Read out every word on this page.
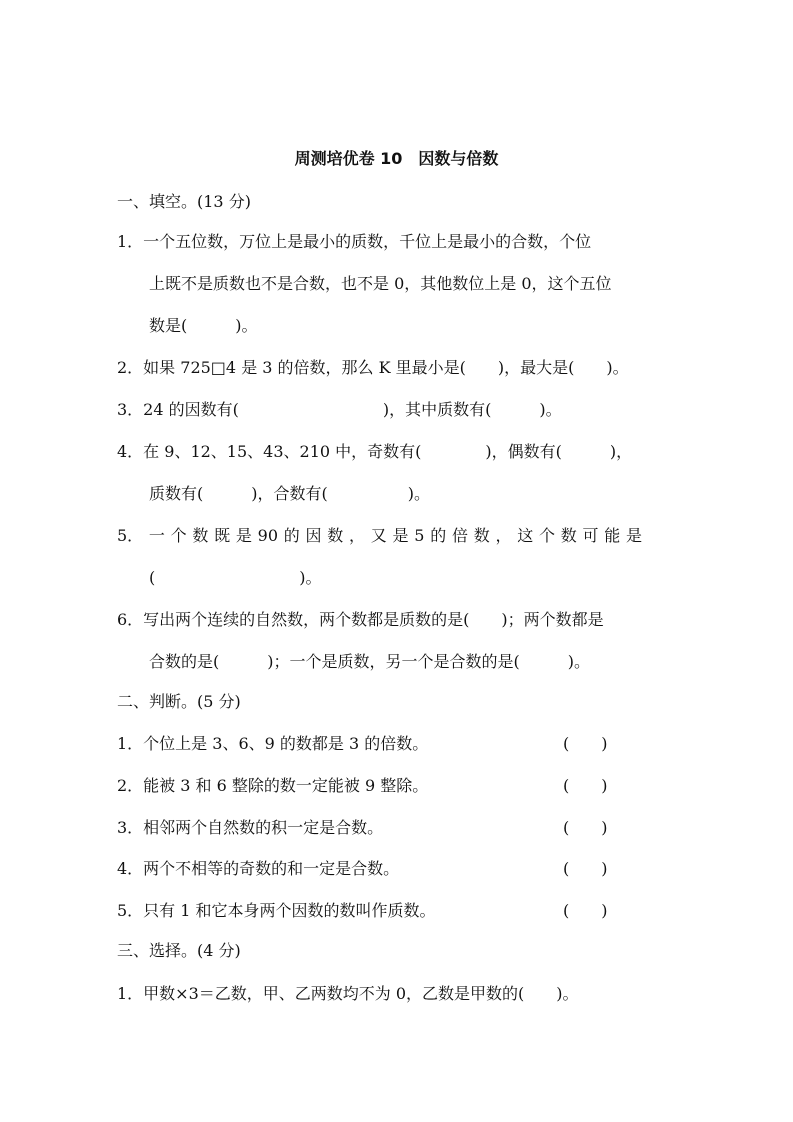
周测培优卷 10　因数与倍数
一、填空。(13 分)
1．一个五位数，万位上是最小的质数，千位上是最小的合数，个位
上既不是质数也不是合数，也不是 0，其他数位上是 0，这个五位
数是(　　　)。
2．如果 725□4 是 3 的倍数，那么 K 里最小是(　　)，最大是(　　)。
3．24 的因数有(　　　　　　　　　)，其中质数有(　　　)。
4．在 9、12、15、43、210 中，奇数有(　　　　)，偶数有(　　　)，
质数有(　　　)，合数有(　　　　　)。
5． 一 个 数 既 是 90 的 因 数 ， 又 是 5 的 倍 数 ， 这 个 数 可 能 是
(　　　　　　　　　)。
6．写出两个连续的自然数，两个数都是质数的是(　　)；两个数都是
合数的是(　　　)；一个是质数，另一个是合数的是(　　　)。
二、判断。(5 分)
1．个位上是 3、6、9 的数都是 3 的倍数。	(　　)
2．能被 3 和 6 整除的数一定能被 9 整除。	(　　)
3．相邻两个自然数的积一定是合数。	(　　)
4．两个不相等的奇数的和一定是合数。	(　　)
5．只有 1 和它本身两个因数的数叫作质数。	(　　)
三、选择。(4 分)
1．甲数×3＝乙数，甲、乙两数均不为 0，乙数是甲数的(　　)。
